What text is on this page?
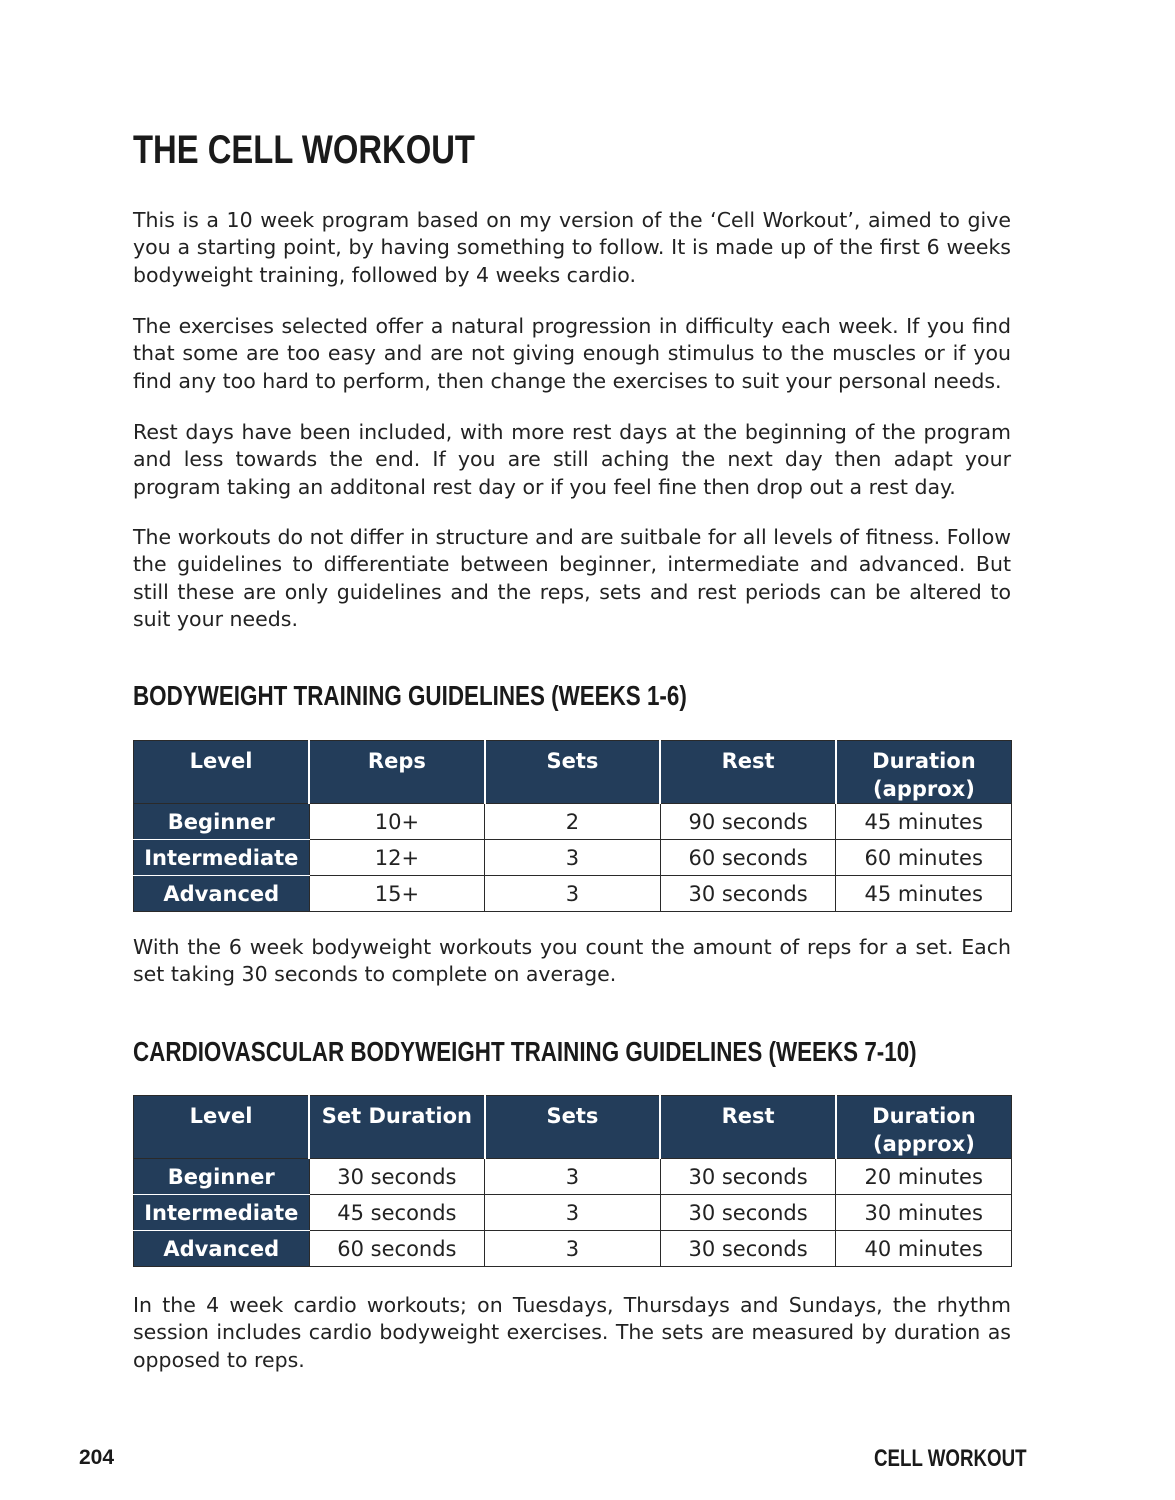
THE CELL WORKOUT

This is a 10 week program based on my version of the ‘Cell Workout’, aimed to give you a starting point, by having something to follow. It is made up of the first 6 weeks bodyweight training, followed by 4 weeks cardio.

The exercises selected offer a natural progression in difficulty each week. If you find that some are too easy and are not giving enough stimulus to the muscles or if you find any too hard to perform, then change the exercises to suit your personal needs.

Rest days have been included, with more rest days at the beginning of the program and less towards the end. If you are still aching the next day then adapt your program taking an additonal rest day or if you feel fine then drop out a rest day.

The workouts do not differ in structure and are suitbale for all levels of fitness. Follow the guidelines to differentiate between beginner, intermediate and advanced. But still these are only guidelines and the reps, sets and rest periods can be altered to suit your needs.

BODYWEIGHT TRAINING GUIDELINES (WEEKS 1-6)
Level	Reps	Sets	Rest	Duration (approx)
Beginner	10+	2	90 seconds	45 minutes
Intermediate	12+	3	60 seconds	60 minutes
Advanced	15+	3	30 seconds	45 minutes

With the 6 week bodyweight workouts you count the amount of reps for a set. Each set taking 30 seconds to complete on average.

CARDIOVASCULAR BODYWEIGHT TRAINING GUIDELINES (WEEKS 7-10)
Level	Set Duration	Sets	Rest	Duration (approx)
Beginner	30 seconds	3	30 seconds	20 minutes
Intermediate	45 seconds	3	30 seconds	30 minutes
Advanced	60 seconds	3	30 seconds	40 minutes

In the 4 week cardio workouts; on Tuesdays, Thursdays and Sundays, the rhythm session includes cardio bodyweight exercises. The sets are measured by duration as opposed to reps.

204	CELL WORKOUT
